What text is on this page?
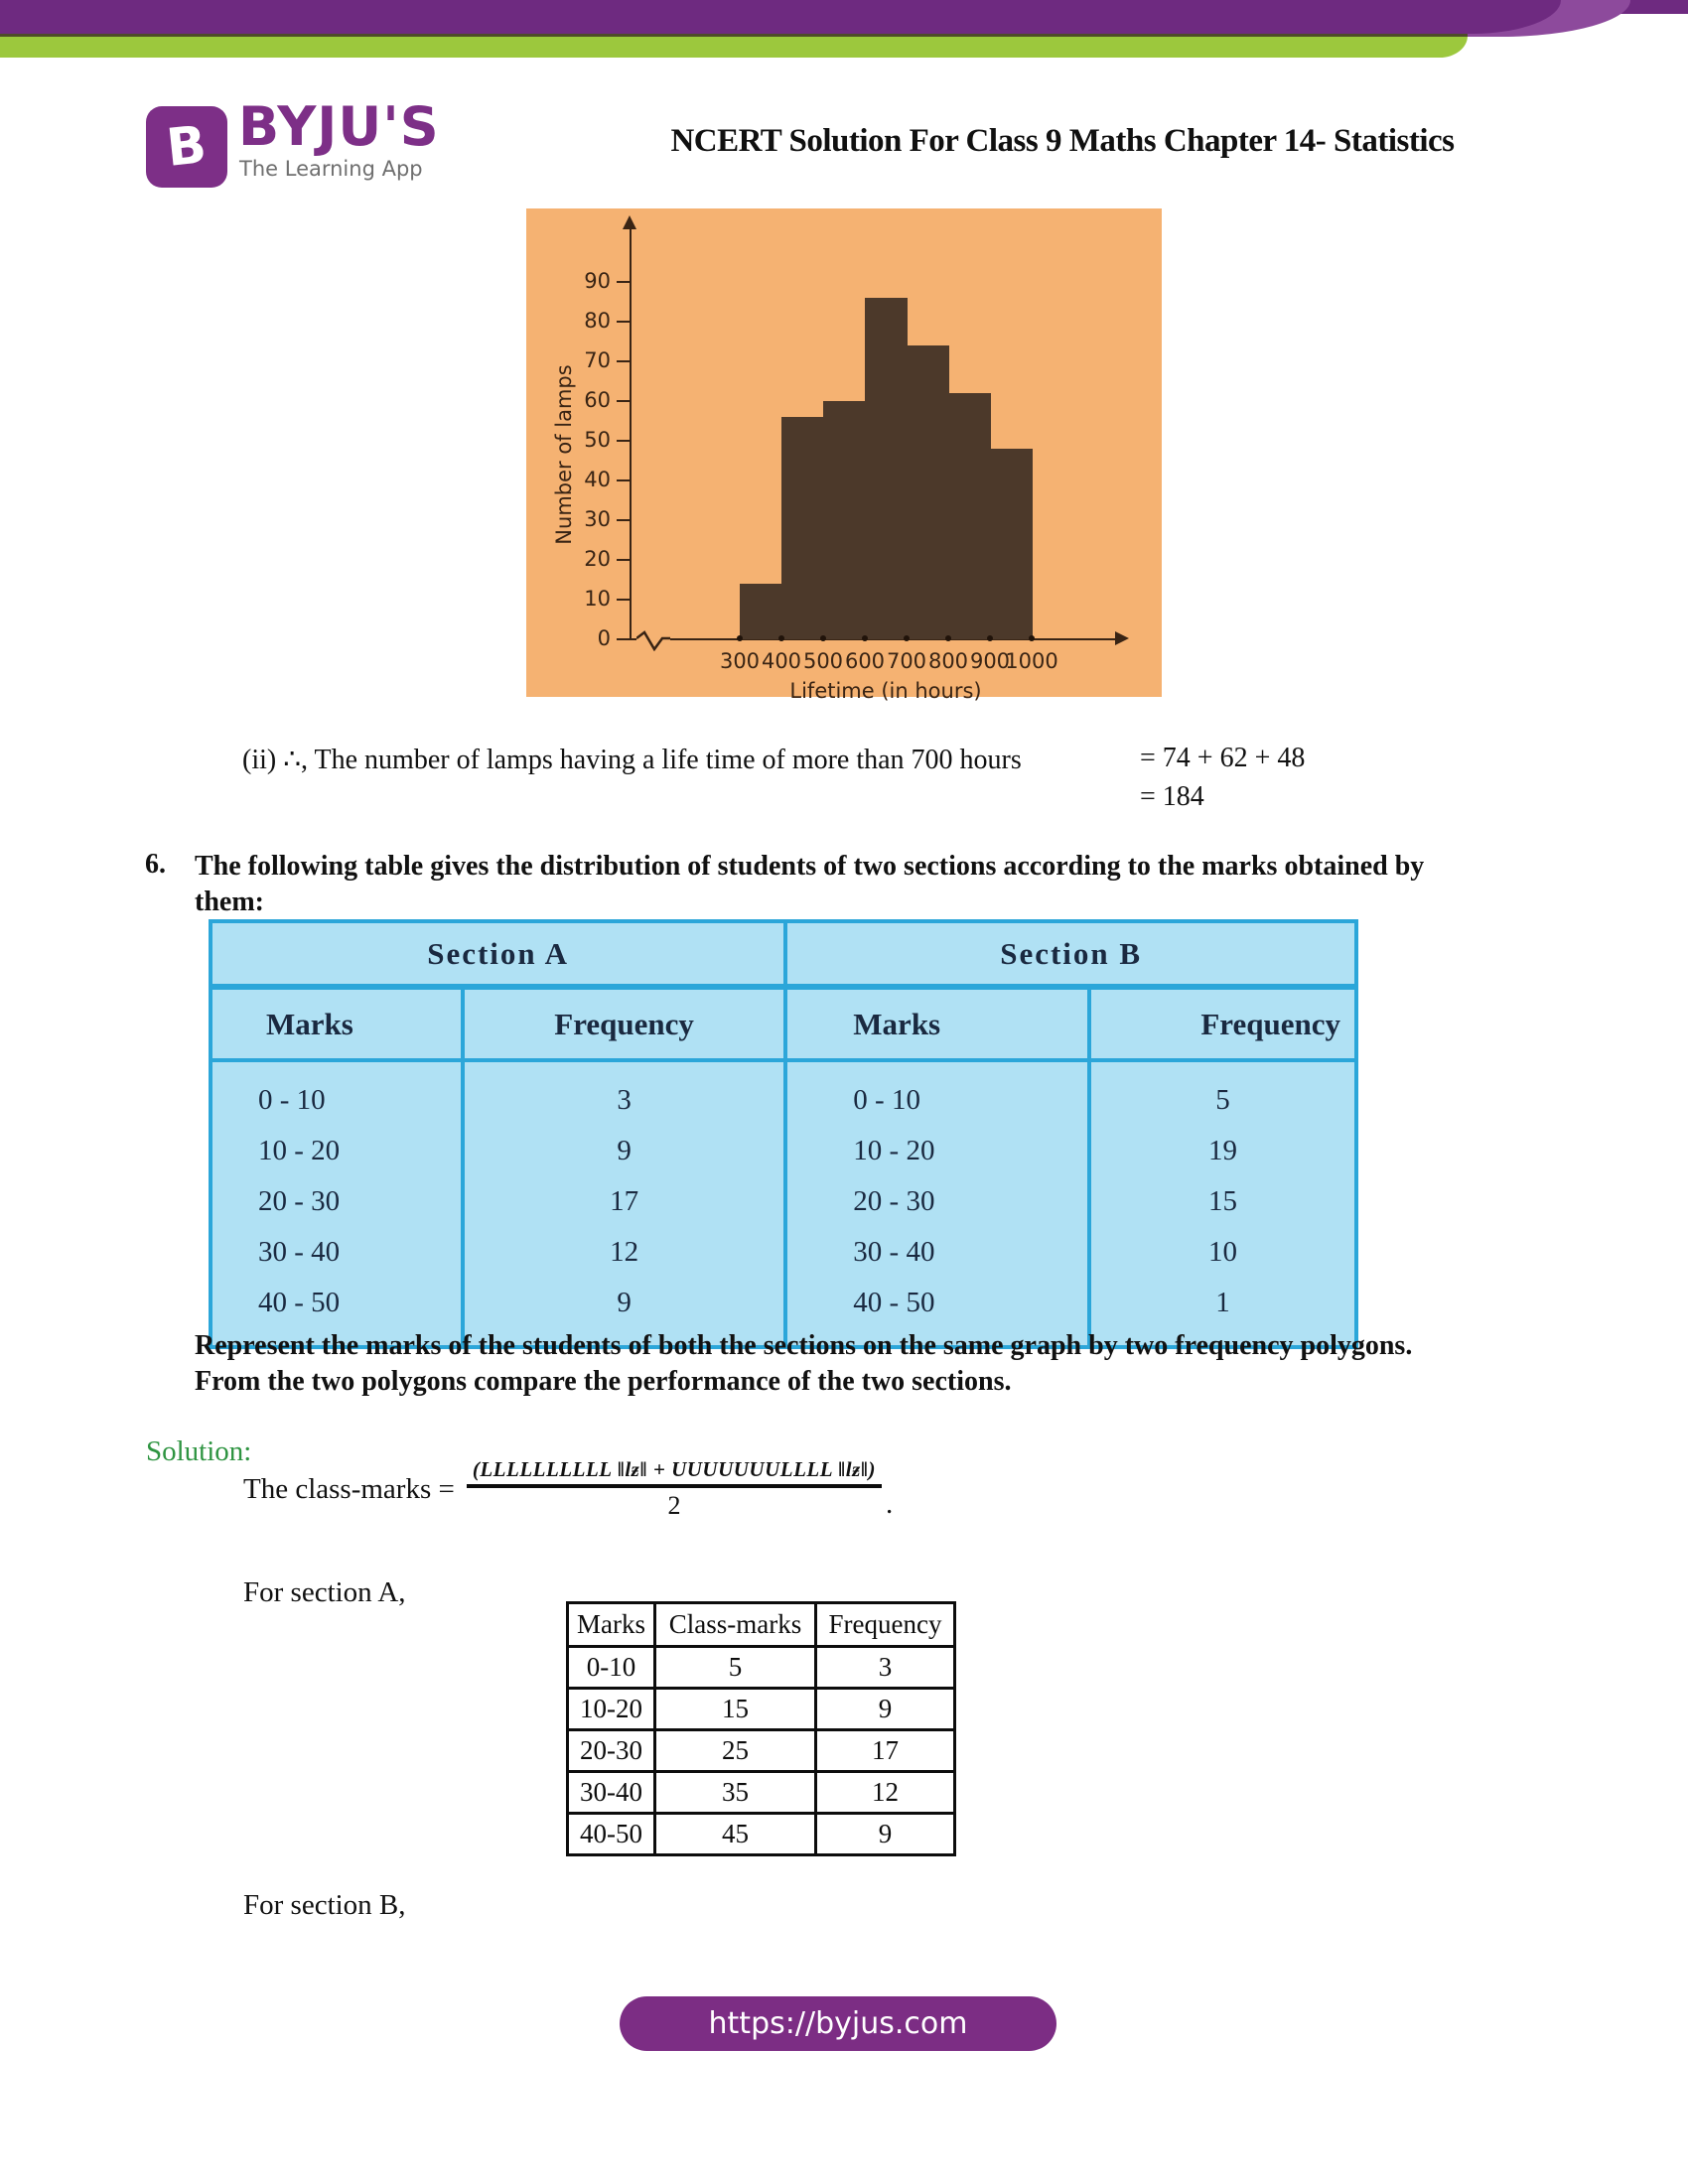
B BYJU'S
The Learning App
NCERT Solution For Class 9 Maths Chapter 14- Statistics
Number of lamps
Lifetime (in hours)
0
10
20
30
40
50
60
70
80
90
300 400 500 600 700 800 900
1000
(ii) ∴, The number of lamps having a life time of more than 700 hours	= 74 + 62 + 48
= 184
6. The following table gives the distribution of students of two sections according to the marks obtained by them:
Section A		Section B	
Marks	Frequency	Marks	Frequency
0 - 10	3	0 - 10	5
10 - 20	9	10 - 20	19
20 - 30	17	20 - 30	15
30 - 40	12	30 - 40	10
40 - 50	9	40 - 50	1
Represent the marks of the students of both the sections on the same graph by two frequency polygons. From the two polygons compare the performance of the two sections.
Solution:
The class-marks = $\frac{\text{(LLLLLLLLLL ǁlƶǁ + UUUUUUULLLL ǁlƶǁ)}}{2}$ .
For section A,
Marks	Class-marks	Frequency
0-10	5	3
10-20	15	9
20-30	25	17
30-40	35	12
40-50	45	9
For section B,
https://byjus.com
